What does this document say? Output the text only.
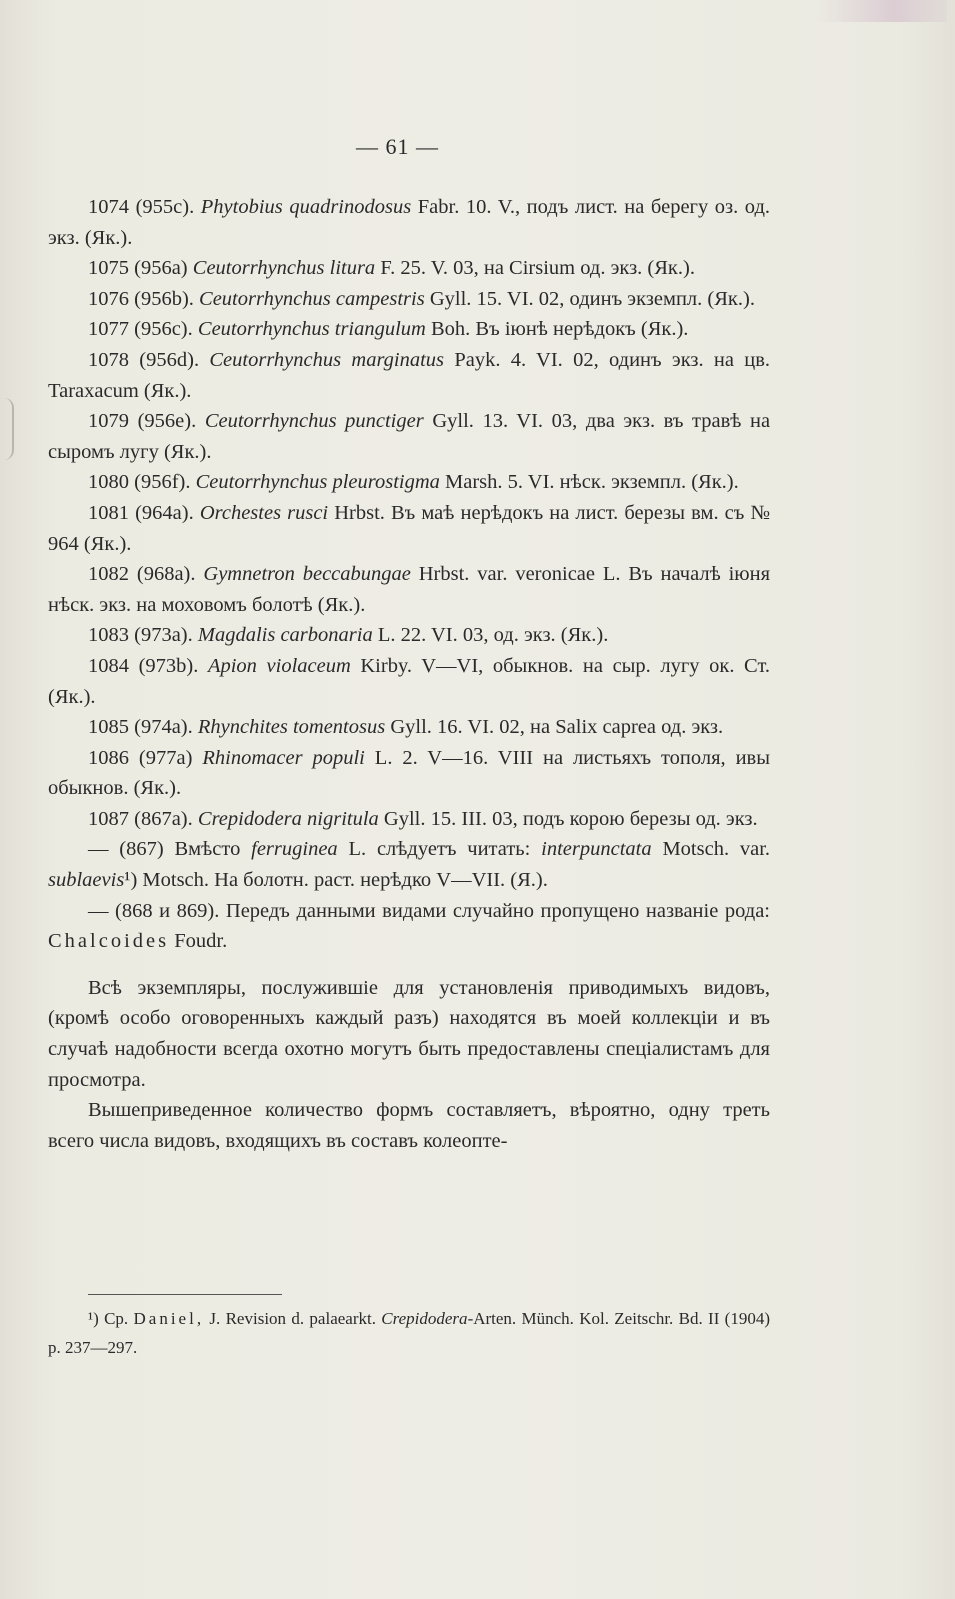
— 61 —

1074 (955c). Phytobius quadrinodosus Fabr. 10. V., подъ лист. на берегу оз. од. экз. (Як.).

1075 (956a) Ceutorrhynchus litura F. 25. V. 03, на Cirsium од. экз. (Як.).

1076 (956b). Ceutorrhynchus campestris Gyll. 15. VI. 02, одинъ экземпл. (Як.).

1077 (956c). Ceutorrhynchus triangulum Boh. Въ іюнѣ нерѣдокъ (Як.).

1078 (956d). Ceutorrhynchus marginatus Payk. 4. VI. 02, одинъ экз. на цв. Taraxacum (Як.).

1079 (956e). Ceutorrhynchus punctiger Gyll. 13. VI. 03, два экз. въ травѣ на сыромъ лугу (Як.).

1080 (956f). Ceutorrhynchus pleurostigma Marsh. 5. VI. нѣск. экземпл. (Як.).

1081 (964a). Orchestes rusci Hrbst. Въ маѣ нерѣдокъ на лист. березы вм. съ № 964 (Як.).

1082 (968a). Gymnetron beccabungae Hrbst. var. veronicae L. Въ началѣ іюня нѣск. экз. на моховомъ болотѣ (Як.).

1083 (973a). Magdalis carbonaria L. 22. VI. 03, од. экз. (Як.).

1084 (973b). Apion violaceum Kirby. V—VI, обыкнов. на сыр. лугу ок. Ст. (Як.).

1085 (974a). Rhynchites tomentosus Gyll. 16. VI. 02, на Salix caprea од. экз.

1086 (977a) Rhinomacer populi L. 2. V—16. VIII на листьяхъ тополя, ивы обыкнов. (Як.).

1087 (867a). Crepidodera nigritula Gyll. 15. III. 03, подъ корою березы од. экз.

— (867) Вмѣсто ferruginea L. слѣдуетъ читать: interpunctata Motsch. var. sublaevis¹) Motsch. На болотн. раст. нерѣдко V—VII. (Я.).

— (868 и 869). Передъ данными видами случайно пропущено названіе рода: Chalcoides Foudr.

Всѣ экземпляры, послужившіе для установленія приводимыхъ видовъ, (кромѣ особо оговоренныхъ каждый разъ) находятся въ моей коллекціи и въ случаѣ надобности всегда охотно могутъ быть предоставлены спеціалистамъ для просмотра.

Вышеприведенное количество формъ составляетъ, вѣроятно, одну треть всего числа видовъ, входящихъ въ составъ колеопте-

¹) Ср. Daniel, J. Revision d. palaearkt. Crepidodera-Arten. Münch. Kol. Zeitschr. Bd. II (1904) p. 237—297.
